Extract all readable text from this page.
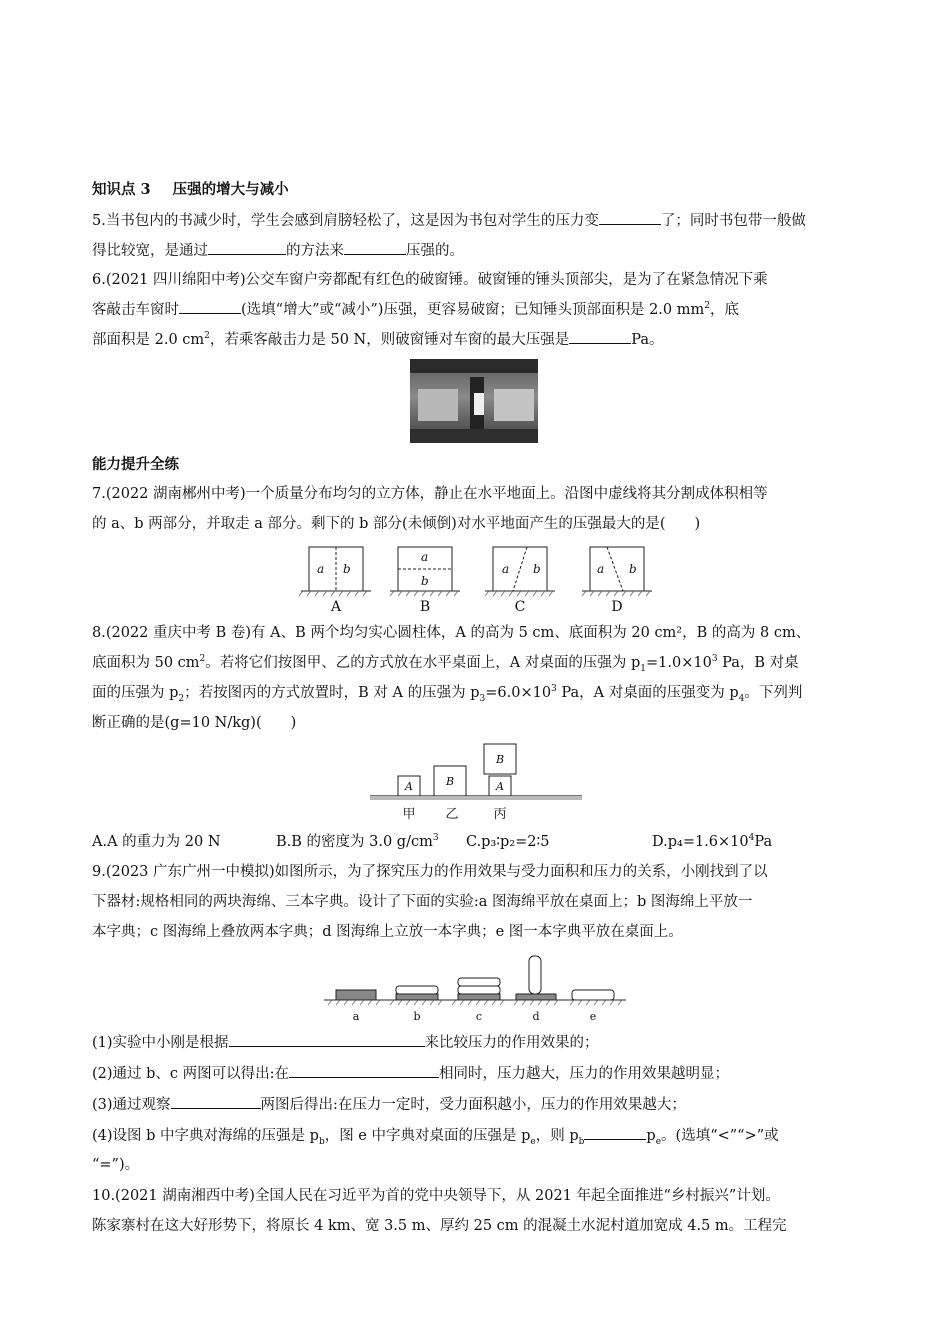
知识点 3 压强的增大与减小
5.当书包内的书减少时，学生会感到肩膀轻松了，这是因为书包对学生的压力变	了；同时书包带一般做
得比较宽，是通过	的方法来	压强的。
6.(2021 四川绵阳中考)公交车窗户旁都配有红色的破窗锤。破窗锤的锤头顶部尖，是为了在紧急情况下乘
客敲击车窗时	(选填“增大”或“减小”)压强，更容易破窗；已知锤头顶部面积是 2.0 $mm^2$，底
部面积是 2.0 $cm^2$，若乘客敲击力是 50 N，则破窗锤对车窗的最大压强是	Pa。
能力提升全练
7.(2022 湖南郴州中考)一个质量分布均匀的立方体，静止在水平地面上。沿图中虚线将其分割成体积相等
的 a、b 两部分，并取走 a 部分。剩下的 b 部分(未倾倒)对水平地面产生的压强最大的是(　　)
a b
a
b
a b	a b
A	B	C	D
8.(2022 重庆中考 B 卷)有 A、B 两个均匀实心圆柱体，A 的高为 5 cm、底面积为 20 cm²，B 的高为 8 cm、
底面积为 50 $cm^2$。若将它们按图甲、乙的方式放在水平桌面上，A 对桌面的压强为 $p_1=1.0\times 10^3$ Pa，B 对桌
面的压强为 $p_2$；若按图丙的方式放置时，B 对 A 的压强为 $p_3=6.0\times 10^3$ Pa，A 对桌面的压强变为 $p_4$。下列判
断正确的是(g=10 N/kg)(　　)
A	B
B
A
甲 乙	丙
A.A 的重力为 20 N	B.B 的密度为 3.0 $g/cm^3$ C.p₃∶p₂=2∶5	$D.p_4=1.6\times 10^4Pa$
9.(2023 广东广州一中模拟)如图所示，为了探究压力的作用效果与受力面积和压力的关系，小刚找到了以
下器材:规格相同的两块海绵、三本字典。设计了下面的实验:a 图海绵平放在桌面上；b 图海绵上平放一
本字典；c 图海绵上叠放两本字典；d 图海绵上立放一本字典；e 图一本字典平放在桌面上。
a	b	c	d	e
(1)实验中小刚是根据	来比较压力的作用效果的；
(2)通过 b、c 两图可以得出:在	相同时，压力越大，压力的作用效果越明显；
(3)通过观察	两图后得出:在压力一定时，受力面积越小，压力的作用效果越大；
(4)设图 b 中字典对海绵的压强是 $p_b$，图 e 中字典对桌面的压强是 $p_e$，则 $p_b$	$p_e$。(选填“<”“>”或
“=”)。
10.(2021 湖南湘西中考)全国人民在习近平为首的党中央领导下，从 2021 年起全面推进“乡村振兴”计划。
陈家寨村在这大好形势下，将原长 4 km、宽 3.5 m、厚约 25 cm 的混凝土水泥村道加宽成 4.5 m。工程完
